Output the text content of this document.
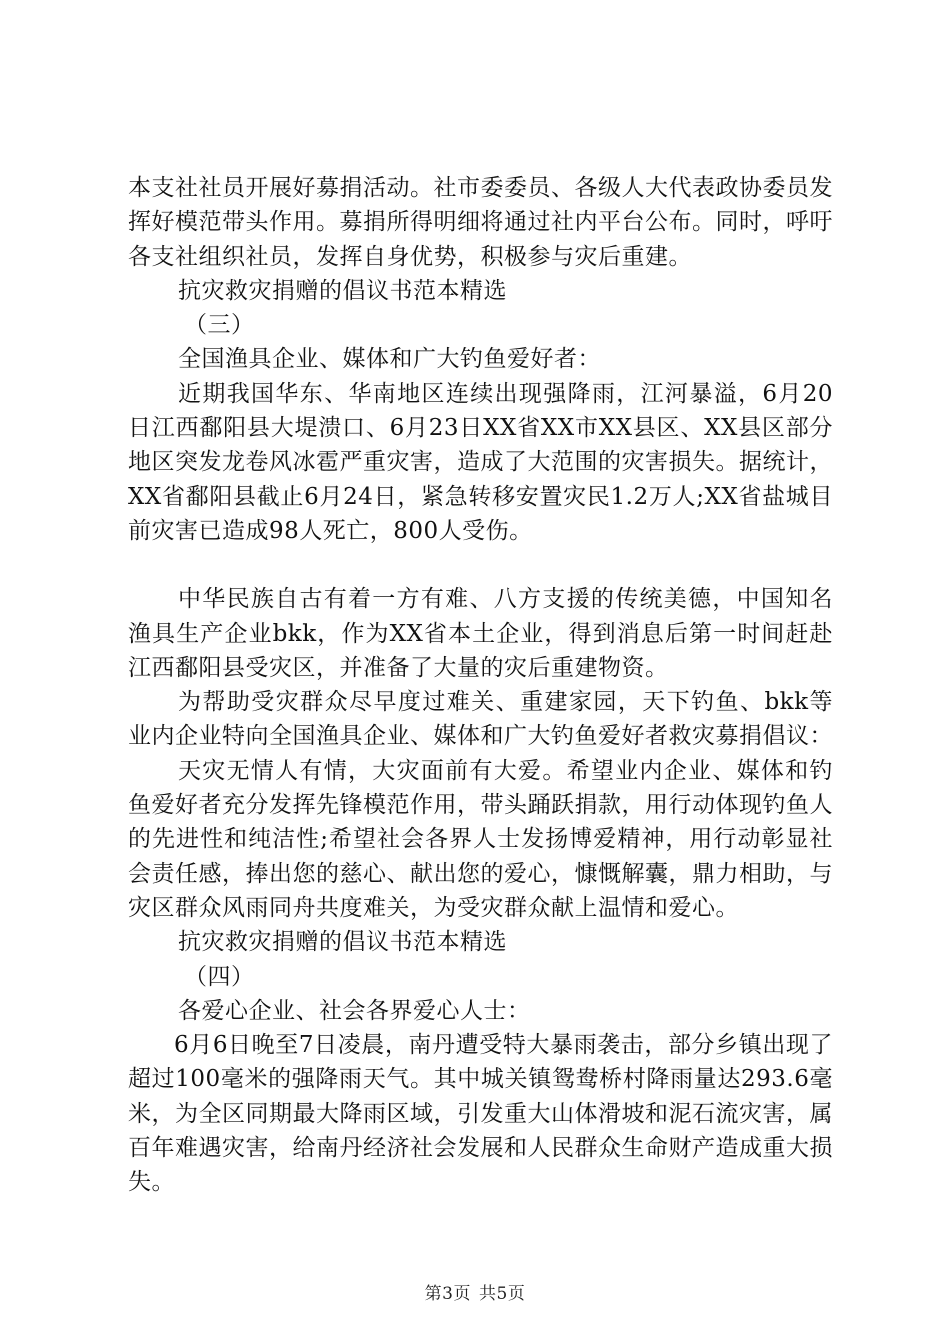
本支社社员开展好募捐活动。社市委委员、各级人大代表政协委员发挥好模范带头作用。募捐所得明细将通过社内平台公布。同时，呼吁各支社组织社员，发挥自身优势，积极参与灾后重建。

抗灾救灾捐赠的倡议书范本精选

（三）

全国渔具企业、媒体和广大钓鱼爱好者：

近期我国华东、华南地区连续出现强降雨，江河暴溢，6月20日江西鄱阳县大堤溃口、6月23日XX省XX市XX县区、XX县区部分地区突发龙卷风冰雹严重灾害，造成了大范围的灾害损失。据统计，XX省鄱阳县截止6月24日，紧急转移安置灾民1.2万人;XX省盐城目前灾害已造成98人死亡，800人受伤。

中华民族自古有着一方有难、八方支援的传统美德，中国知名渔具生产企业bkk，作为XX省本土企业，得到消息后第一时间赶赴江西鄱阳县受灾区，并准备了大量的灾后重建物资。

为帮助受灾群众尽早度过难关、重建家园，天下钓鱼、bkk等业内企业特向全国渔具企业、媒体和广大钓鱼爱好者救灾募捐倡议：

天灾无情人有情，大灾面前有大爱。希望业内企业、媒体和钓鱼爱好者充分发挥先锋模范作用，带头踊跃捐款，用行动体现钓鱼人的先进性和纯洁性;希望社会各界人士发扬博爱精神，用行动彰显社会责任感，捧出您的慈心、献出您的爱心，慷慨解囊，鼎力相助，与灾区群众风雨同舟共度难关，为受灾群众献上温情和爱心。

抗灾救灾捐赠的倡议书范本精选

（四）

各爱心企业、社会各界爱心人士：

6月6日晚至7日凌晨，南丹遭受特大暴雨袭击，部分乡镇出现了超过100毫米的强降雨天气。其中城关镇鸳鸯桥村降雨量达293.6毫米，为全区同期最大降雨区域，引发重大山体滑坡和泥石流灾害，属百年难遇灾害，给南丹经济社会发展和人民群众生命财产造成重大损失。

第3页 共5页
